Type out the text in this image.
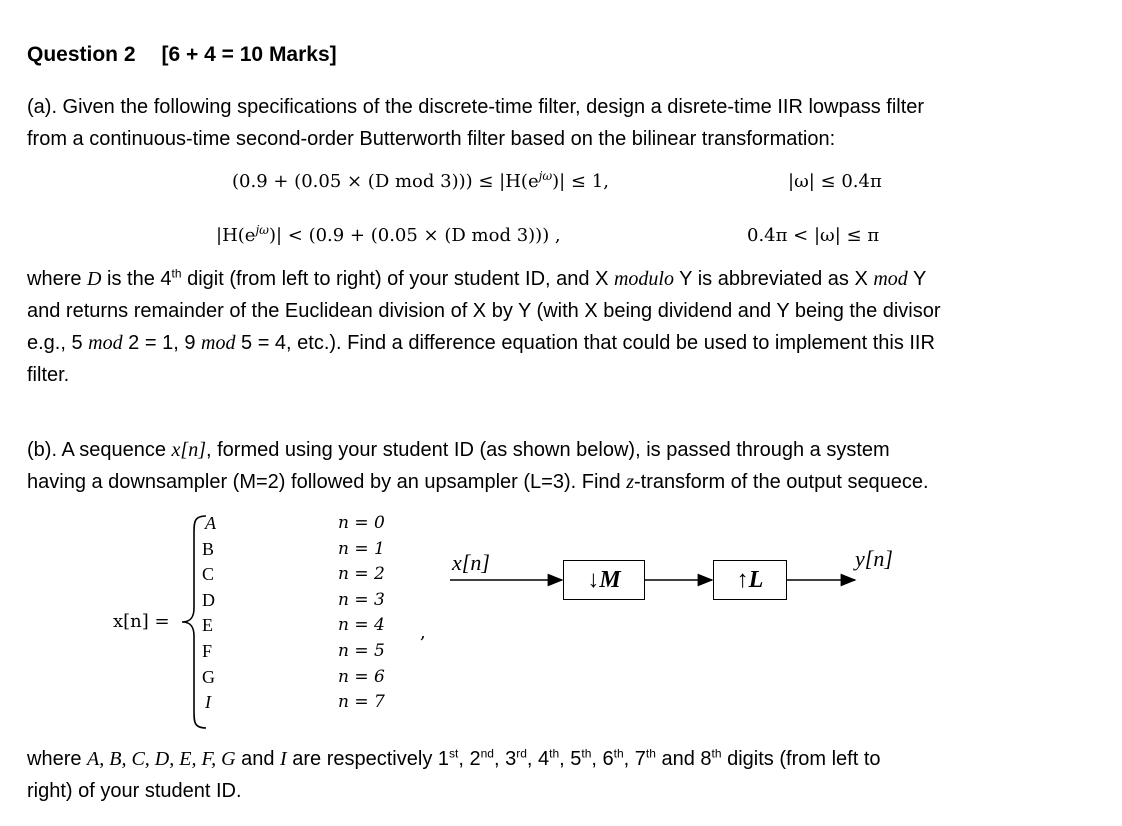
Question 2 [6 + 4 = 10 Marks]
(a). Given the following specifications of the discrete-time filter, design a disrete-time IIR lowpass filter
from a continuous-time second-order Butterworth filter based on the bilinear transformation:
(0.9 + (0.05 × (D mod $3))) \le |H(e^{j\omega})| \le 1$,	|ω| ≤ 0.4π
$|H(e^{j\omega})| < (0.9 + (0.05 \times (D$ mod 3))) ,	0.4π < |ω| ≤ π
where D is the 4th digit (from left to right) of your student ID, and X modulo Y is abbreviated as X mod Y
and returns remainder of the Euclidean division of X by Y (with X being dividend and Y being the divisor
e.g., 5 mod 2 = 1, 9 mod 5 = 4, etc.). Find a difference equation that could be used to implement this IIR
filter.
(b). A sequence x[n], formed using your student ID (as shown below), is passed through a system
having a downsampler (M=2) followed by an upsampler (L=3). Find z-transform of the output sequece.
x[n] =
A	n = 0
B	n = 1
C	n = 2
D	n = 3
E	n = 4
F	n = 5
G	n = 6
I	n = 7
,
x[n]
↓M	↑L
y[n]
where A, B, C, D, E, F, G and I are respectively 1st, 2nd, 3rd, 4th, 5th, 6th, 7th and 8th digits (from left to
right) of your student ID.
